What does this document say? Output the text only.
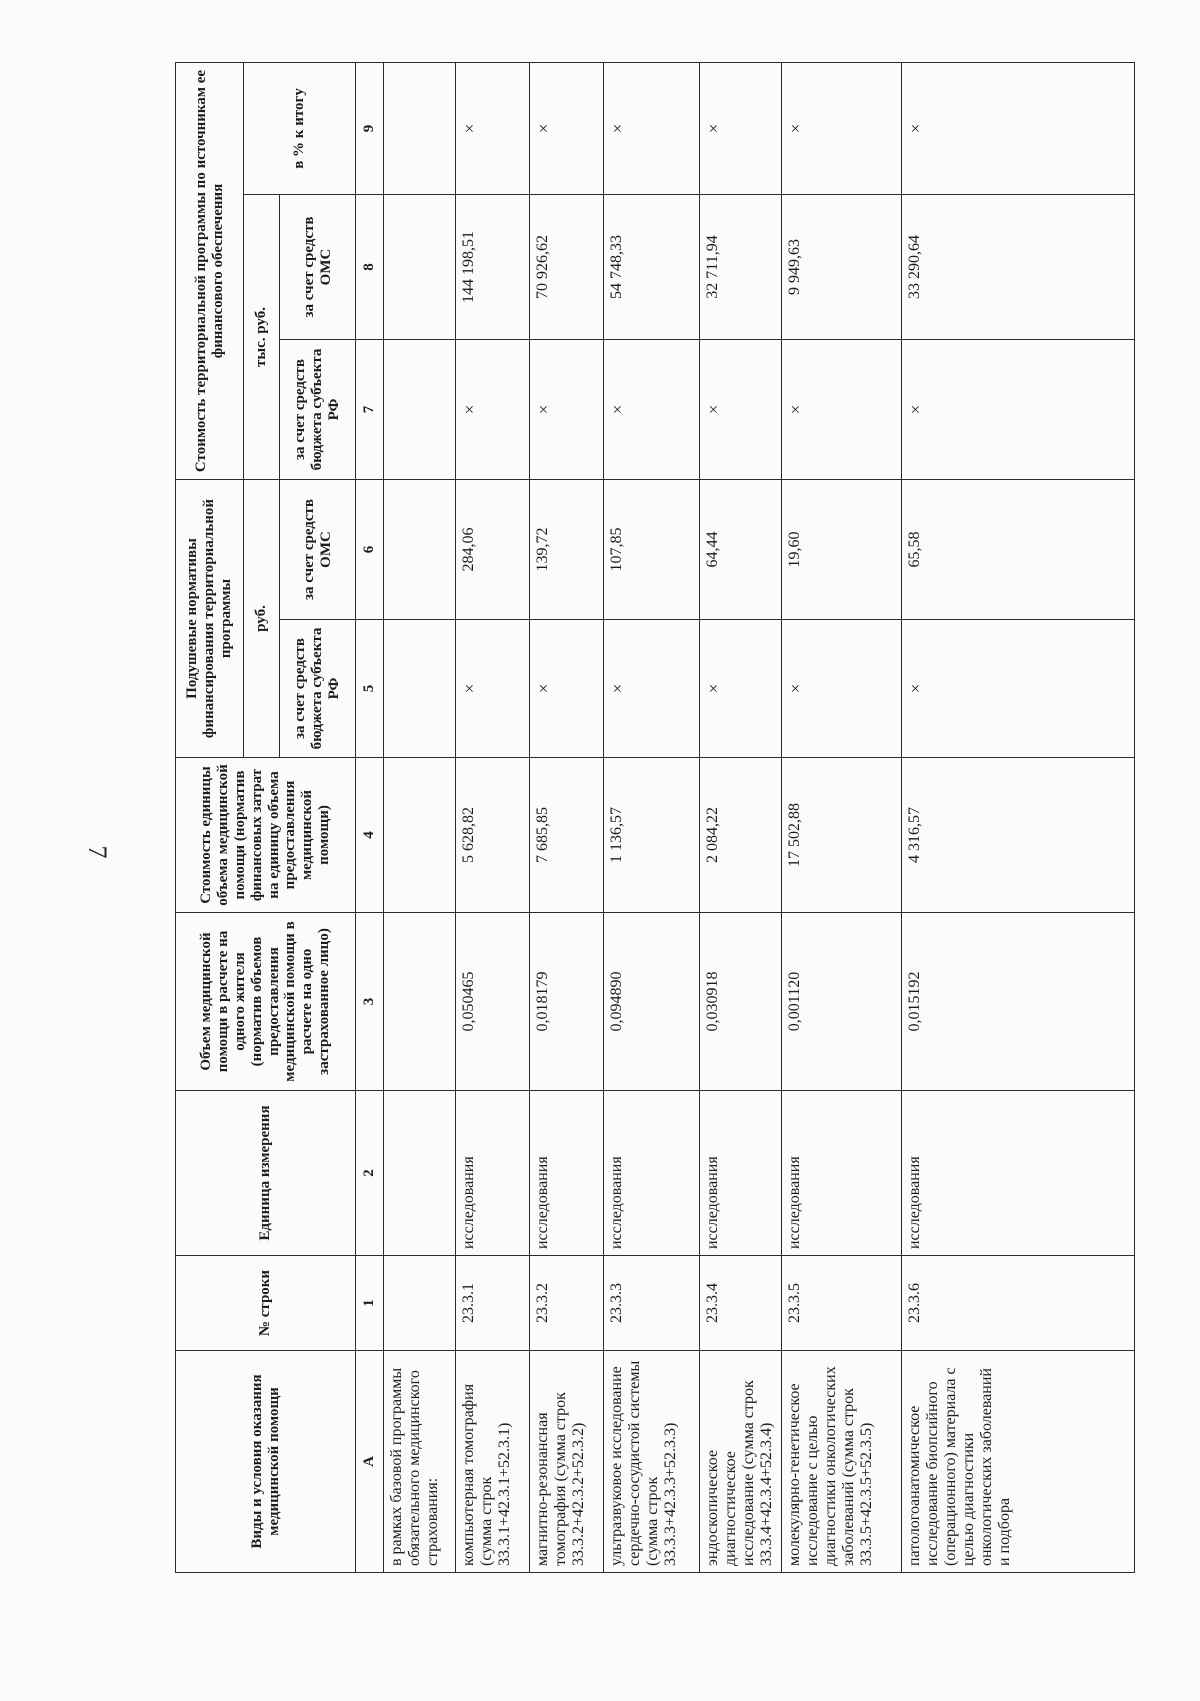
7
Виды и условия оказания медицинской помощи	№ строки	Единица измерения	Объем медицинской помощи в расчете на одного жителя (норматив объемов предоставления медицинской помощи в расчете на одно застрахованное лицо)	Стоимость единицы объема медицинской помощи (норматив финансовых затрат на единицу объема предоставления медицинской помощи)	Подушевые нормативы финансирования территориальной программы		Стоимость территориальной программы по источникам ее финансового обеспечения		
					руб.		тыс. руб.		в % к итогу
					за счет средств бюджета субъекта РФ	за счет средств ОМС	за счет средств бюджета субъекта РФ	за счет средств ОМС	
А	1	2	3	4	5	6	7	8	9
в рамках базовой программы обязательного медицинского страхования:									
компьютерная томография (сумма строк 33.3.1+42.3.1+52.3.1)	23.3.1	исследования	0,050465	5 628,82	×	284,06	×	144 198,51	×
магнитно-резонансная томография (сумма строк 33.3.2+42.3.2+52.3.2)	23.3.2	исследования	0,018179	7 685,85	×	139,72	×	70 926,62	×
ультразвуковое исследование сердечно-сосудистой системы (сумма строк 33.3.3+42.3.3+52.3.3)	23.3.3	исследования	0,094890	1 136,57	×	107,85	×	54 748,33	×
эндоскопическое диагностическое исследование (сумма строк 33.3.4+42.3.4+52.3.4)	23.3.4	исследования	0,030918	2 084,22	×	64,44	×	32 711,94	×
молекулярно-генетическое исследование с целью диагностики онкологических заболеваний (сумма строк 33.3.5+42.3.5+52.3.5)	23.3.5	исследования	0,001120	17 502,88	×	19,60	×	9 949,63	×
патологоанатомическое исследование биопсийного (операционного) материала с целью диагностики онкологических заболеваний и подбора	23.3.6	исследования	0,015192	4 316,57	×	65,58	×	33 290,64	×
